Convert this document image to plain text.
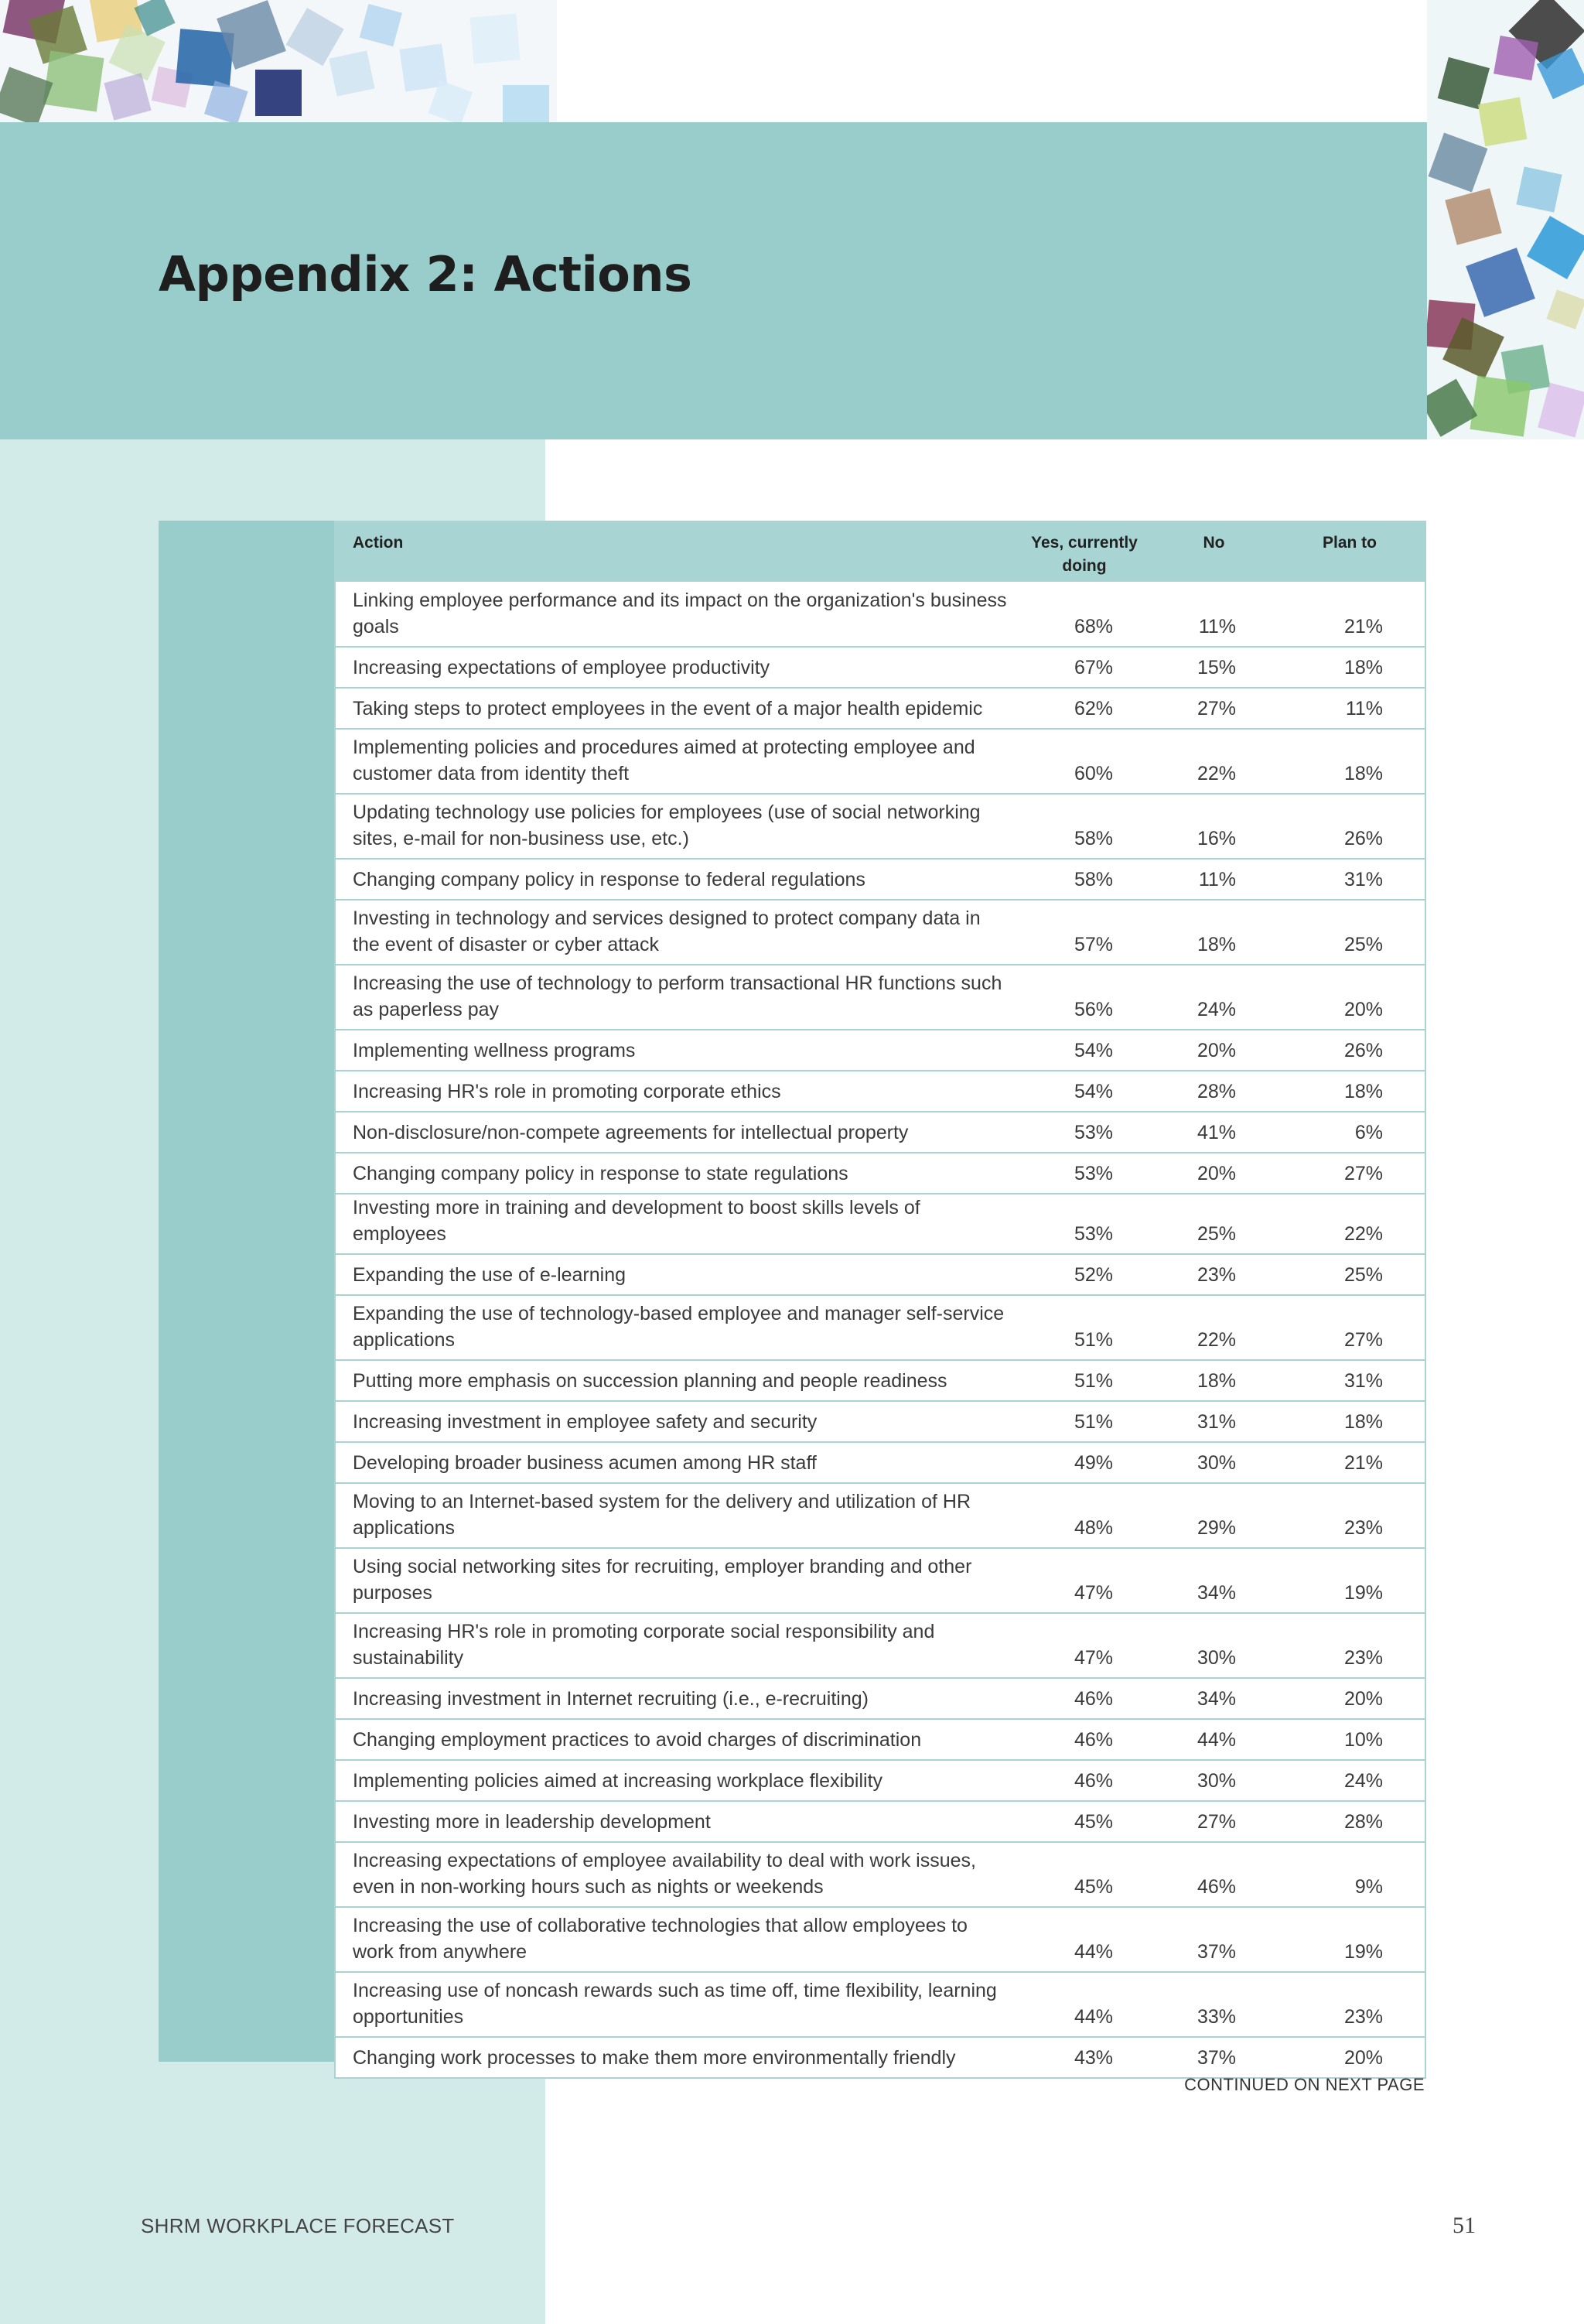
Appendix 2: Actions
Action	Yes, currently doing	No	Plan to
Linking employee performance and its impact on the organization's business goals	68%	11%	21%
Increasing expectations of employee productivity	67%	15%	18%
Taking steps to protect employees in the event of a major health epidemic	62%	27%	11%
Implementing policies and procedures aimed at protecting employee and customer data from identity theft	60%	22%	18%
Updating technology use policies for employees (use of social networking sites, e-mail for non-business use, etc.)	58%	16%	26%
Changing company policy in response to federal regulations	58%	11%	31%
Investing in technology and services designed to protect company data in the event of disaster or cyber attack	57%	18%	25%
Increasing the use of technology to perform transactional HR functions such as paperless pay	56%	24%	20%
Implementing wellness programs	54%	20%	26%
Increasing HR's role in promoting corporate ethics	54%	28%	18%
Non-disclosure/non-compete agreements for intellectual property	53%	41%	6%
Changing company policy in response to state regulations	53%	20%	27%
Investing more in training and development to boost skills levels of employees	53%	25%	22%
Expanding the use of e-learning	52%	23%	25%
Expanding the use of technology-based employee and manager self-service applications	51%	22%	27%
Putting more emphasis on succession planning and people readiness	51%	18%	31%
Increasing investment in employee safety and security	51%	31%	18%
Developing broader business acumen among HR staff	49%	30%	21%
Moving to an Internet-based system for the delivery and utilization of HR applications	48%	29%	23%
Using social networking sites for recruiting, employer branding and other purposes	47%	34%	19%
Increasing HR's role in promoting corporate social responsibility and sustainability	47%	30%	23%
Increasing investment in Internet recruiting (i.e., e-recruiting)	46%	34%	20%
Changing employment practices to avoid charges of discrimination	46%	44%	10%
Implementing policies aimed at increasing workplace flexibility	46%	30%	24%
Investing more in leadership development	45%	27%	28%
Increasing expectations of employee availability to deal with work issues, even in non-working hours such as nights or weekends	45%	46%	9%
Increasing the use of collaborative technologies that allow employees to work from anywhere	44%	37%	19%
Increasing use of noncash rewards such as time off, time flexibility, learning opportunities	44%	33%	23%
Changing work processes to make them more environmentally friendly	43%	37%	20%
CONTINUED ON NEXT PAGE
SHRM WORKPLACE FORECAST	51
